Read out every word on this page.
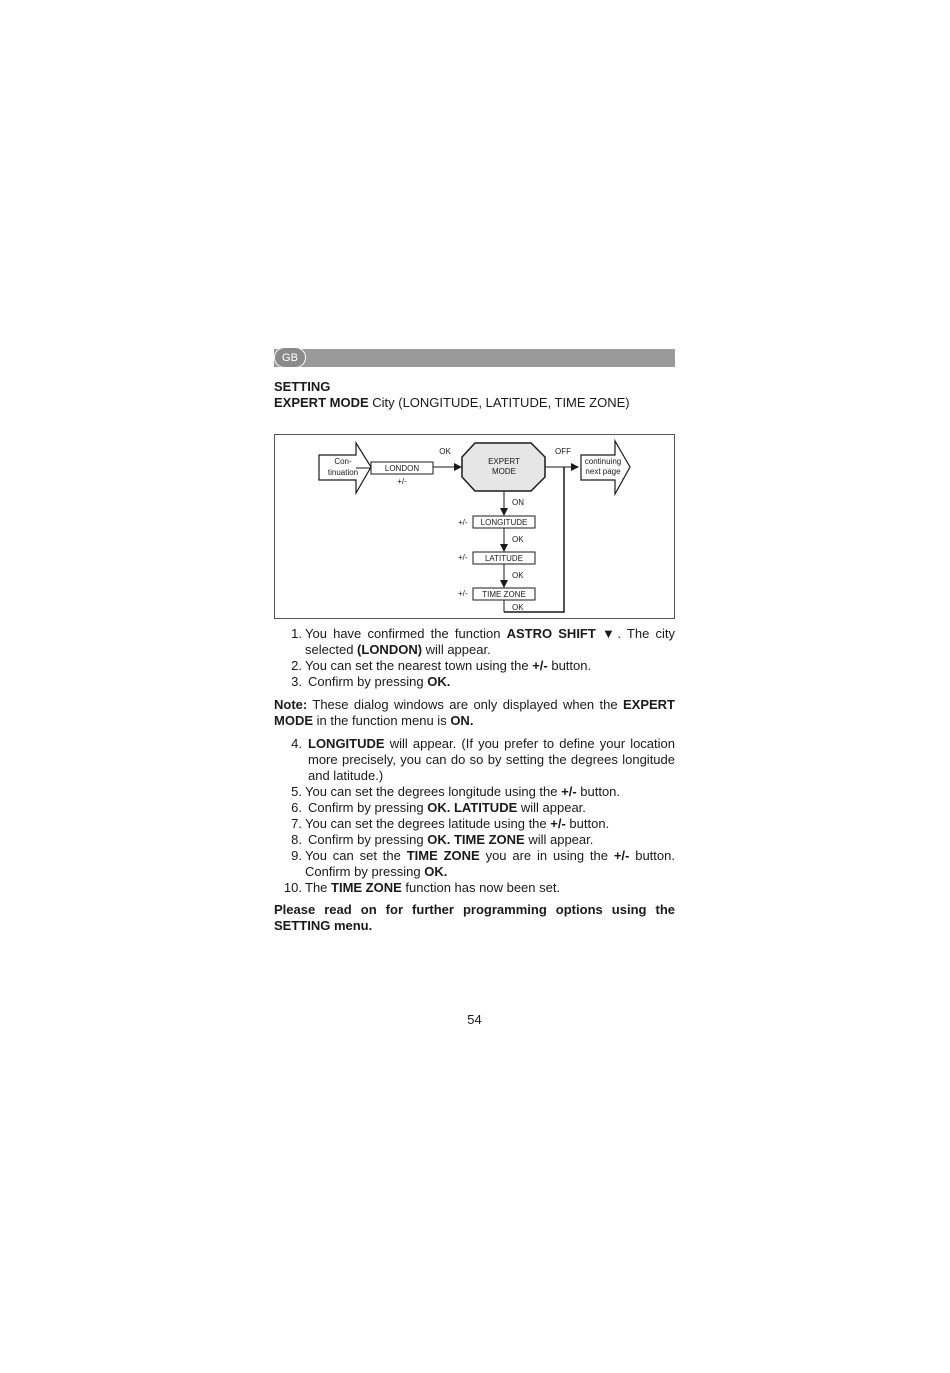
GB
SETTING
EXPERT MODE City (LONGITUDE, LATITUDE, TIME ZONE)
Con-
tinuation	LONDON
+/-
OK
EXPERT
MODE
OFF
continuing
next page
ON
+/- LONGITUDE
OK
+/- LATITUDE
OK
+/- TIME ZONE
OK
1. You have confirmed the function ASTRO SHIFT ▼. The city selected (LONDON) will appear.
2. You can set the nearest town using the +/- button.
3. Confirm by pressing OK.
Note: These dialog windows are only displayed when the EXPERT MODE in the function menu is ON.
4. LONGITUDE will appear. (If you prefer to define your location more precisely, you can do so by setting the degrees longitude and latitude.)
5. You can set the degrees longitude using the +/- button.
6. Confirm by pressing OK. LATITUDE will appear.
7. You can set the degrees latitude using the +/- button.
8. Confirm by pressing OK. TIME ZONE will appear.
9. You can set the TIME ZONE you are in using the +/- button. Confirm by pressing OK.
10. The TIME ZONE function has now been set.
Please read on for further programming options using the SETTING menu.
54
